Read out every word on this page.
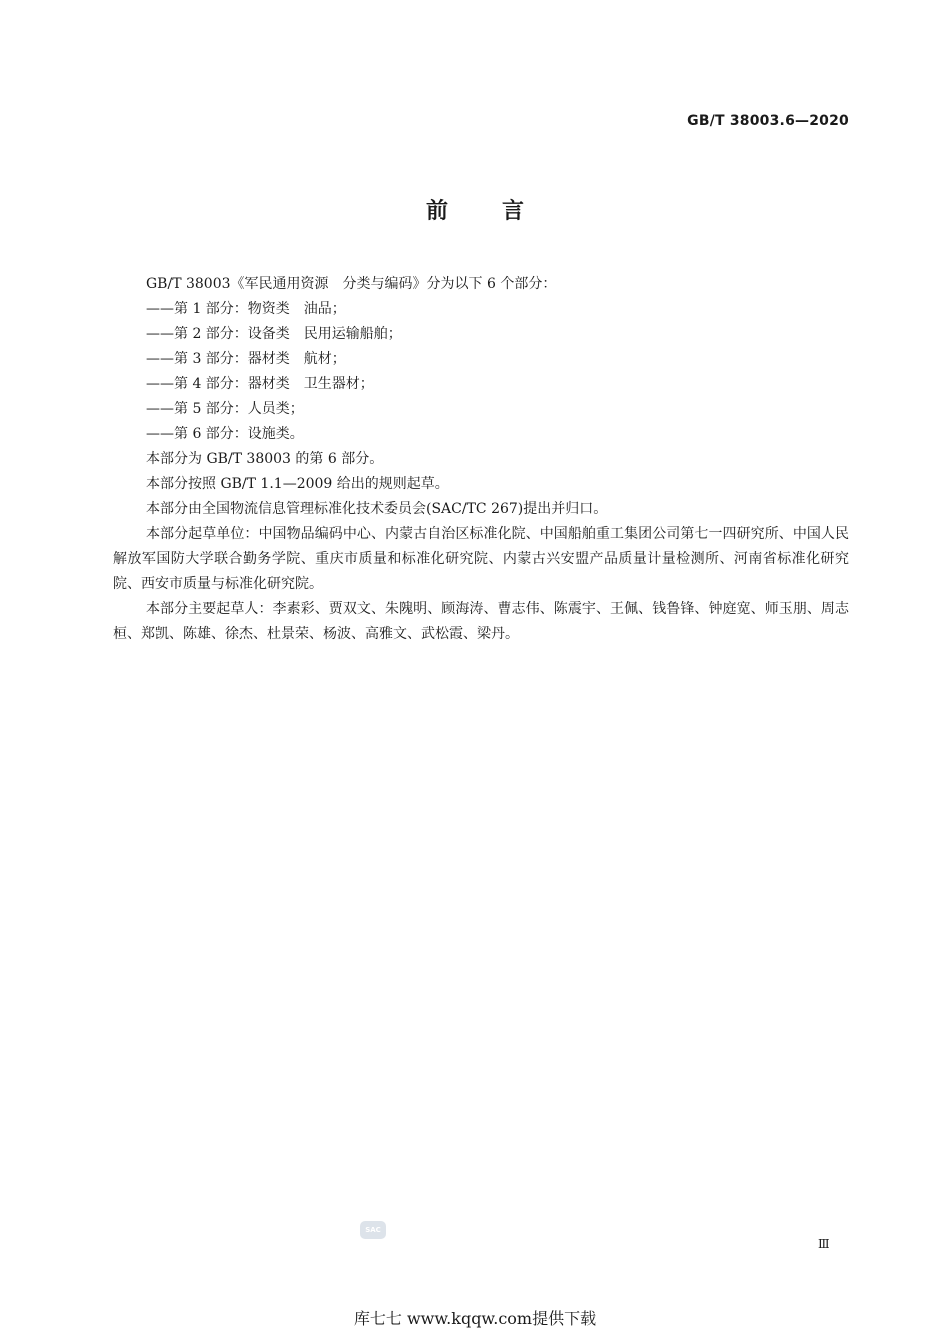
GB/T 38003.6—2020
前言

GB/T 38003《军民通用资源　分类与编码》分为以下 6 个部分：

——第 1 部分：物资类　油品；

——第 2 部分：设备类　民用运输船舶；

——第 3 部分：器材类　航材；

——第 4 部分：器材类　卫生器材；

——第 5 部分：人员类；

——第 6 部分：设施类。

本部分为 GB/T 38003 的第 6 部分。

本部分按照 GB/T 1.1—2009 给出的规则起草。

本部分由全国物流信息管理标准化技术委员会(SAC/TC 267)提出并归口。

本部分起草单位：中国物品编码中心、内蒙古自治区标准化院、中国船舶重工集团公司第七一四研究所、中国人民解放军国防大学联合勤务学院、重庆市质量和标准化研究院、内蒙古兴安盟产品质量计量检测所、河南省标准化研究院、西安市质量与标准化研究院。

本部分主要起草人：李素彩、贾双文、朱隗明、顾海涛、曹志伟、陈震宇、王佩、钱鲁锋、钟庭宽、师玉朋、周志桓、郑凯、陈雄、徐杰、杜景荣、杨波、高雅文、武松霞、梁丹。

SAC
Ⅲ
库七七 www.kqqw.com提供下载
